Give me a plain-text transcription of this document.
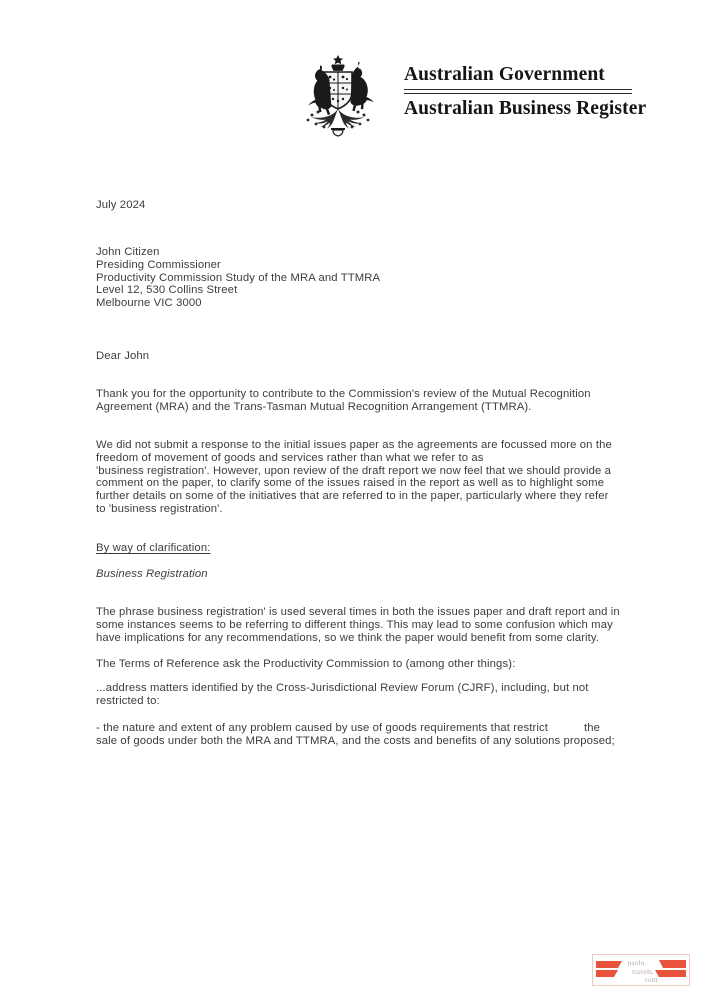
Australian Government
Australian Business Register
July 2024
John Citizen
Presiding Commissioner
Productivity Commission Study of the MRA and TTMRA
Level 12, 530 Collins Street
Melbourne VIC 3000
Dear John
Thank you for the opportunity to contribute to the Commission's review of the Mutual Recognition Agreement (MRA) and the Trans-Tasman Mutual Recognition Arrangement (TTMRA).
We did not submit a response to the initial issues paper as the agreements are focussed more on the
freedom of movement of goods and services rather than what we refer to as
'business registration'. However, upon review of the draft report we now feel that we should provide a comment on the paper, to clarify some of the issues raised in the report as well as to highlight some further details on some of the initiatives that are referred to in the paper, particularly where they refer to 'business registration'.
By way of clarification:
Business Registration
The phrase business registration' is used several times in both the issues paper and draft report and in some instances seems to be referring to different things. This may lead to some confusion which may have implications for any recommendations, so we think the paper would benefit from some clarity.
The Terms of Reference ask the Productivity Commission to (among other things):
...address matters identified by the Cross-Jurisdictional Review Forum (CJRF), including, but not restricted to:
- the nature and extent of any problem caused by use of goods requirements that restrict	the sale of goods under both the MRA and TTMRA, and the costs and benefits of any solutions proposed;
paolo
travels.
com
